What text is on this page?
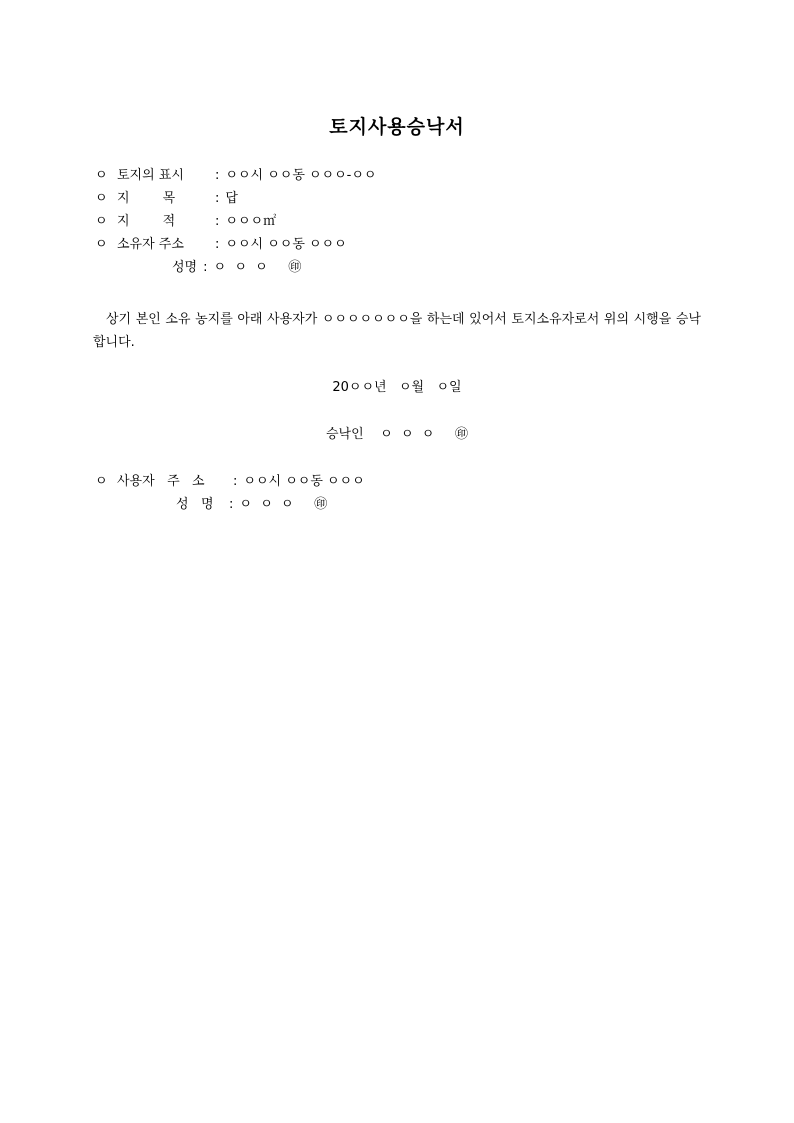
토지사용승낙서
ㅇ 토지의 표시 : ㅇㅇ시 ㅇㅇ동 ㅇㅇㅇ-ㅇㅇ
ㅇ 지        목	: 답
ㅇ 지        적	: ㅇㅇㅇ㎡
ㅇ 소유자 주소 : ㅇㅇ시 ㅇㅇ동 ㅇㅇㅇ
성명 : ㅇ  ㅇ  ㅇ     ㊞
상기 본인 소유 농지를 아래 사용자가 ㅇㅇㅇㅇㅇㅇㅇ을 하는데 있어서 토지소유자로서 위의 시행을 승낙합니다.
20ㅇㅇ년   ㅇ월   ㅇ일
승낙인    ㅇ  ㅇ  ㅇ     ㊞
ㅇ 사용자   주   소 : ㅇㅇ시 ㅇㅇ동 ㅇㅇㅇ
성   명 : ㅇ  ㅇ  ㅇ     ㊞
